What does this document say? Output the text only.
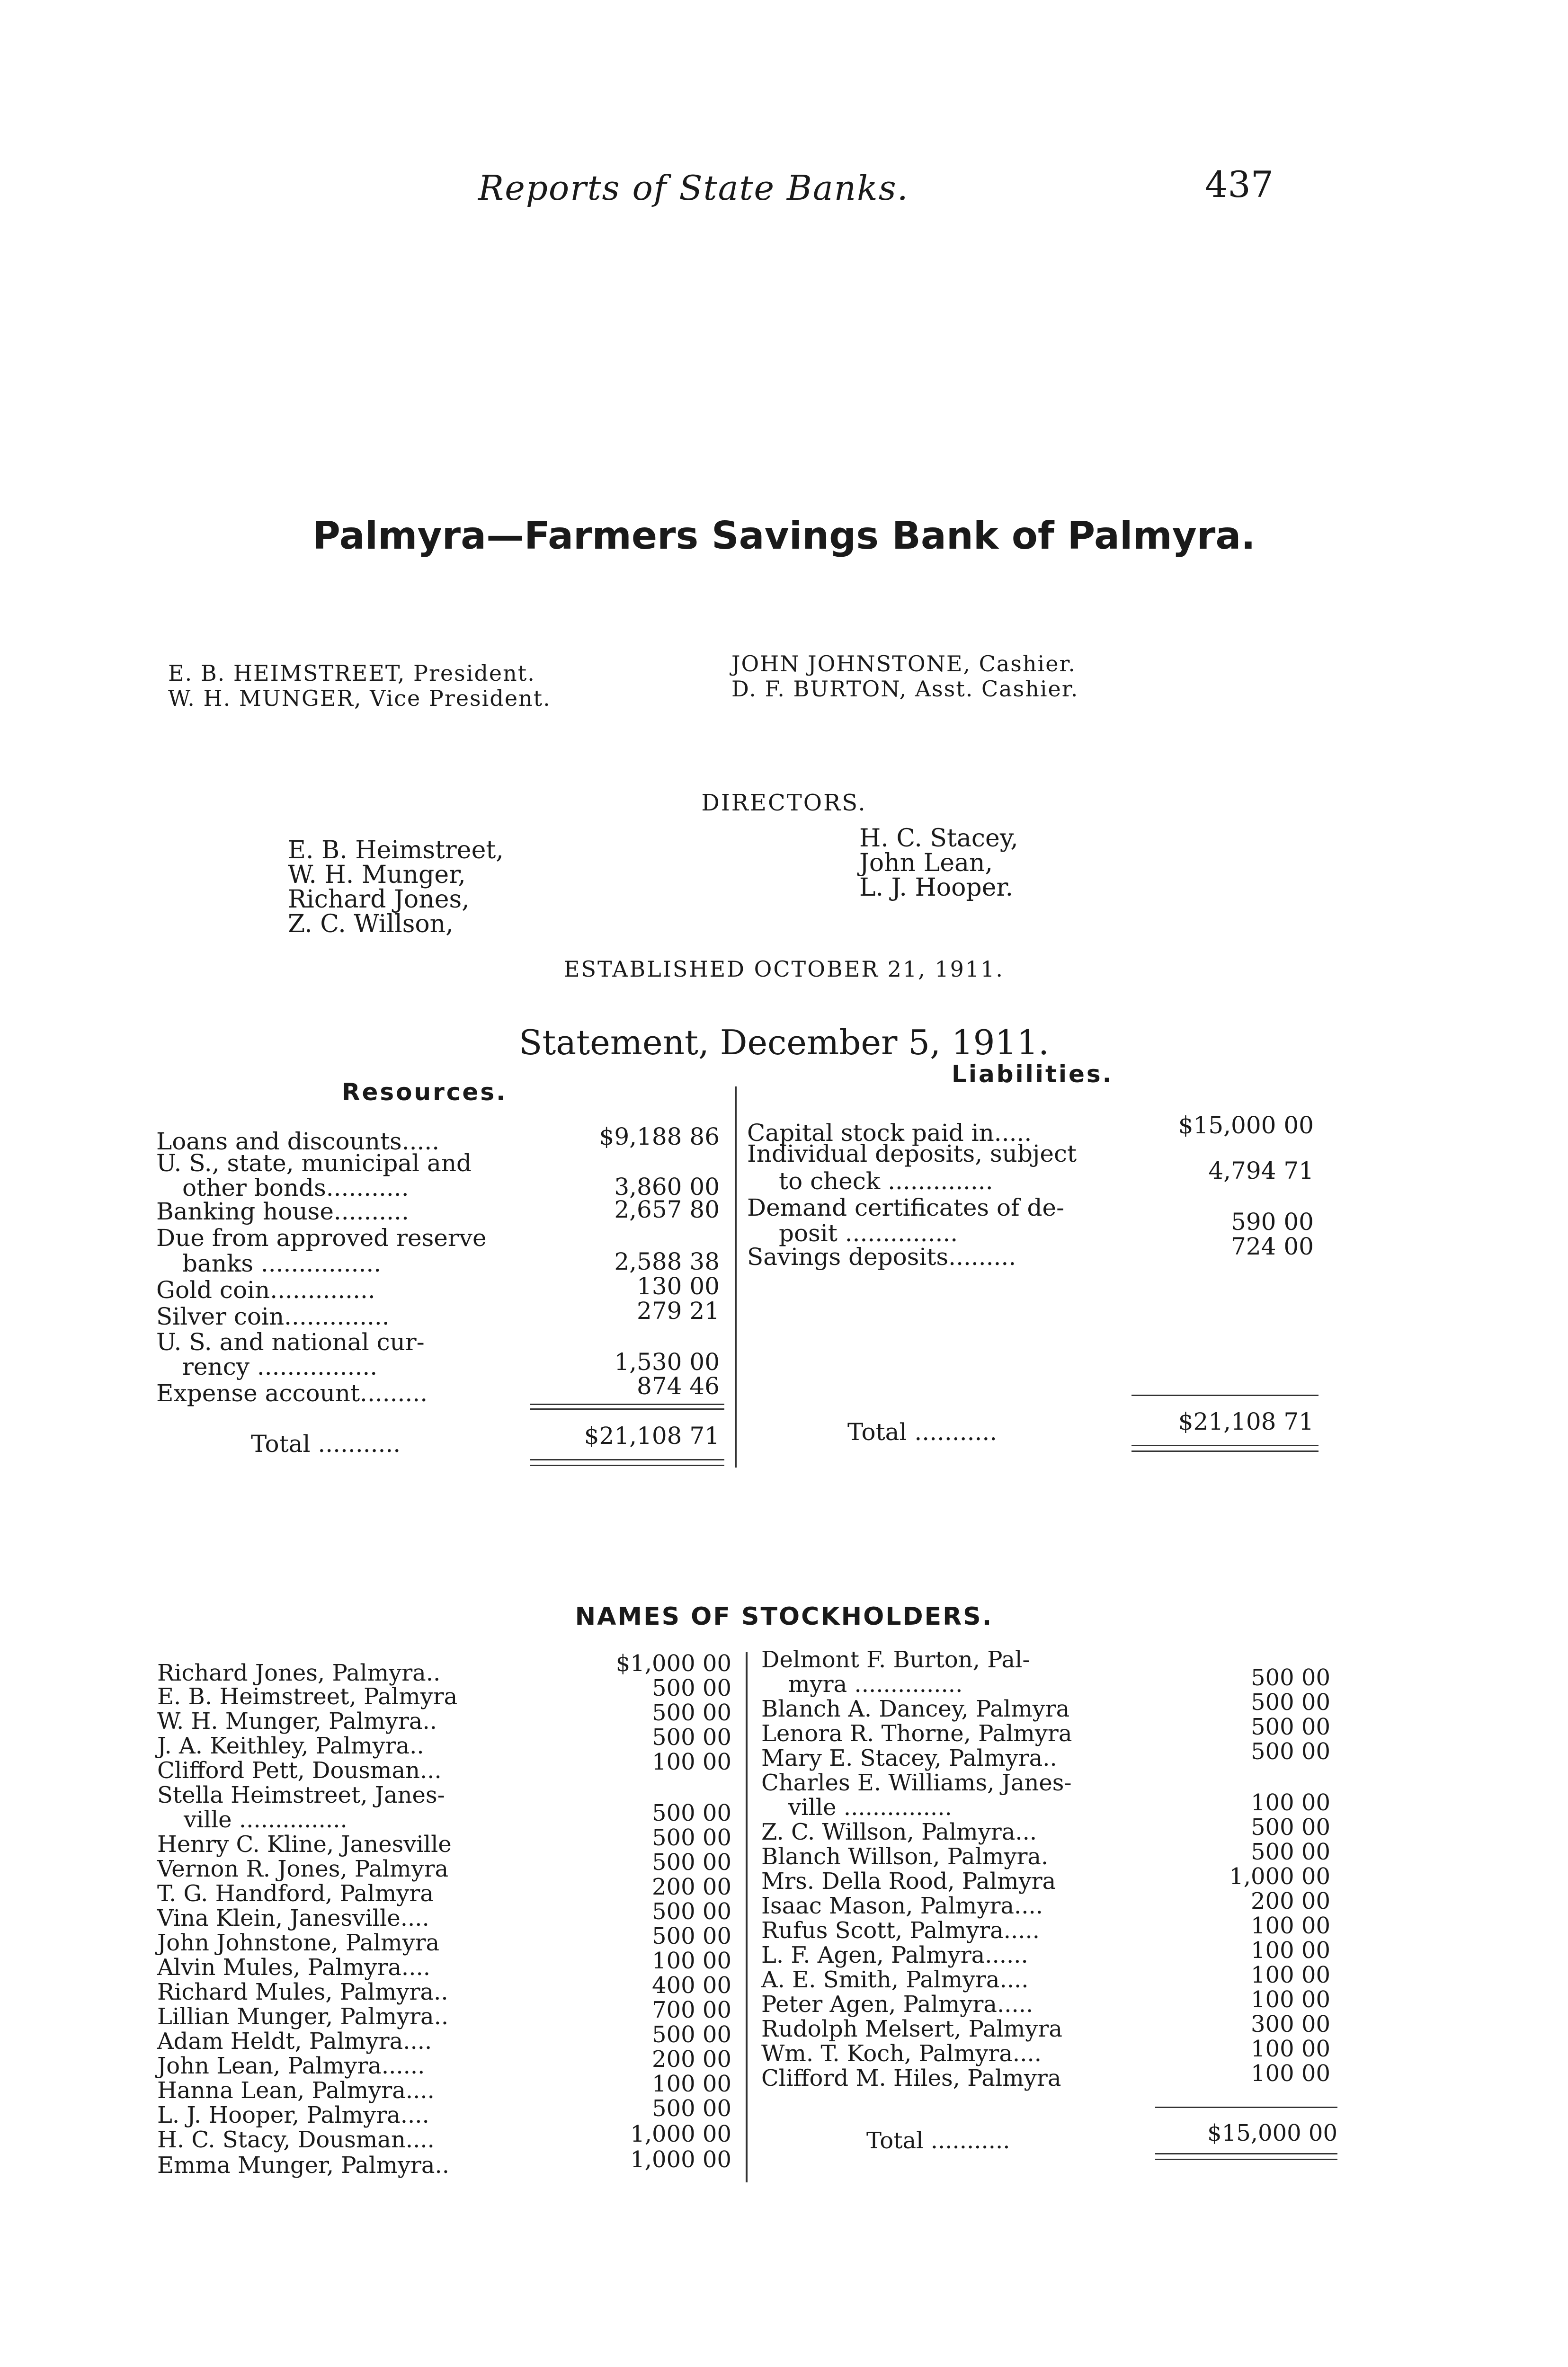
Reports of State Banks.	437
Palmyra—Farmers Savings Bank of Palmyra.
E. B. HEIMSTREET, President.
W. H. MUNGER, Vice President.
JOHN JOHNSTONE, Cashier.
D. F. BURTON, Asst. Cashier.
DIRECTORS.
E. B. Heimstreet,
W. H. Munger,
Richard Jones,
Z. C. Willson,
H. C. Stacey,
John Lean,
L. J. Hooper.
ESTABLISHED OCTOBER 21, 1911.
Statement, December 5, 1911.
Resources.
Liabilities.
Loans and discounts.....	$9,188 86
U. S., state, municipal and
other bonds...........	3,860 00
Banking house..........	2,657 80
Due from approved reserve
banks ................	2,588 38
Gold coin..............	130 00
Silver coin..............	279 21
U. S. and national cur-
rency ................	1,530 00
Expense account.........	874 46
Total ...........	$21,108 71
Capital stock paid in.....	$15,000 00
Individual deposits, subject
to check ..............	4,794 71
Demand certificates of de-
posit ...............	590 00
Savings deposits.........	724 00
Total ...........	$21,108 71
NAMES OF STOCKHOLDERS.
Richard Jones, Palmyra..	$1,000 00
E. B. Heimstreet, Palmyra	500 00
W. H. Munger, Palmyra..	500 00
J. A. Keithley, Palmyra..	500 00
Clifford Pett, Dousman...	100 00
Stella Heimstreet, Janes-
ville ...............	500 00
Henry C. Kline, Janesville	500 00
Vernon R. Jones, Palmyra	500 00
T. G. Handford, Palmyra	200 00
Vina Klein, Janesville....	500 00
John Johnstone, Palmyra	500 00
Alvin Mules, Palmyra....	100 00
Richard Mules, Palmyra..	400 00
Lillian Munger, Palmyra..	700 00
Adam Heldt, Palmyra....	500 00
John Lean, Palmyra......	200 00
Hanna Lean, Palmyra....	100 00
L. J. Hooper, Palmyra....	500 00
H. C. Stacy, Dousman....	1,000 00
Emma Munger, Palmyra..	1,000 00
Delmont F. Burton, Pal-
myra ...............	500 00
Blanch A. Dancey, Palmyra	500 00
Lenora R. Thorne, Palmyra	500 00
Mary E. Stacey, Palmyra..	500 00
Charles E. Williams, Janes-
ville ...............	100 00
Z. C. Willson, Palmyra...	500 00
Blanch Willson, Palmyra.	500 00
Mrs. Della Rood, Palmyra	1,000 00
Isaac Mason, Palmyra....	200 00
Rufus Scott, Palmyra.....	100 00
L. F. Agen, Palmyra......	100 00
A. E. Smith, Palmyra....	100 00
Peter Agen, Palmyra.....	100 00
Rudolph Melsert, Palmyra	300 00
Wm. T. Koch, Palmyra....	100 00
Clifford M. Hiles, Palmyra	100 00
Total ...........	$15,000 00
